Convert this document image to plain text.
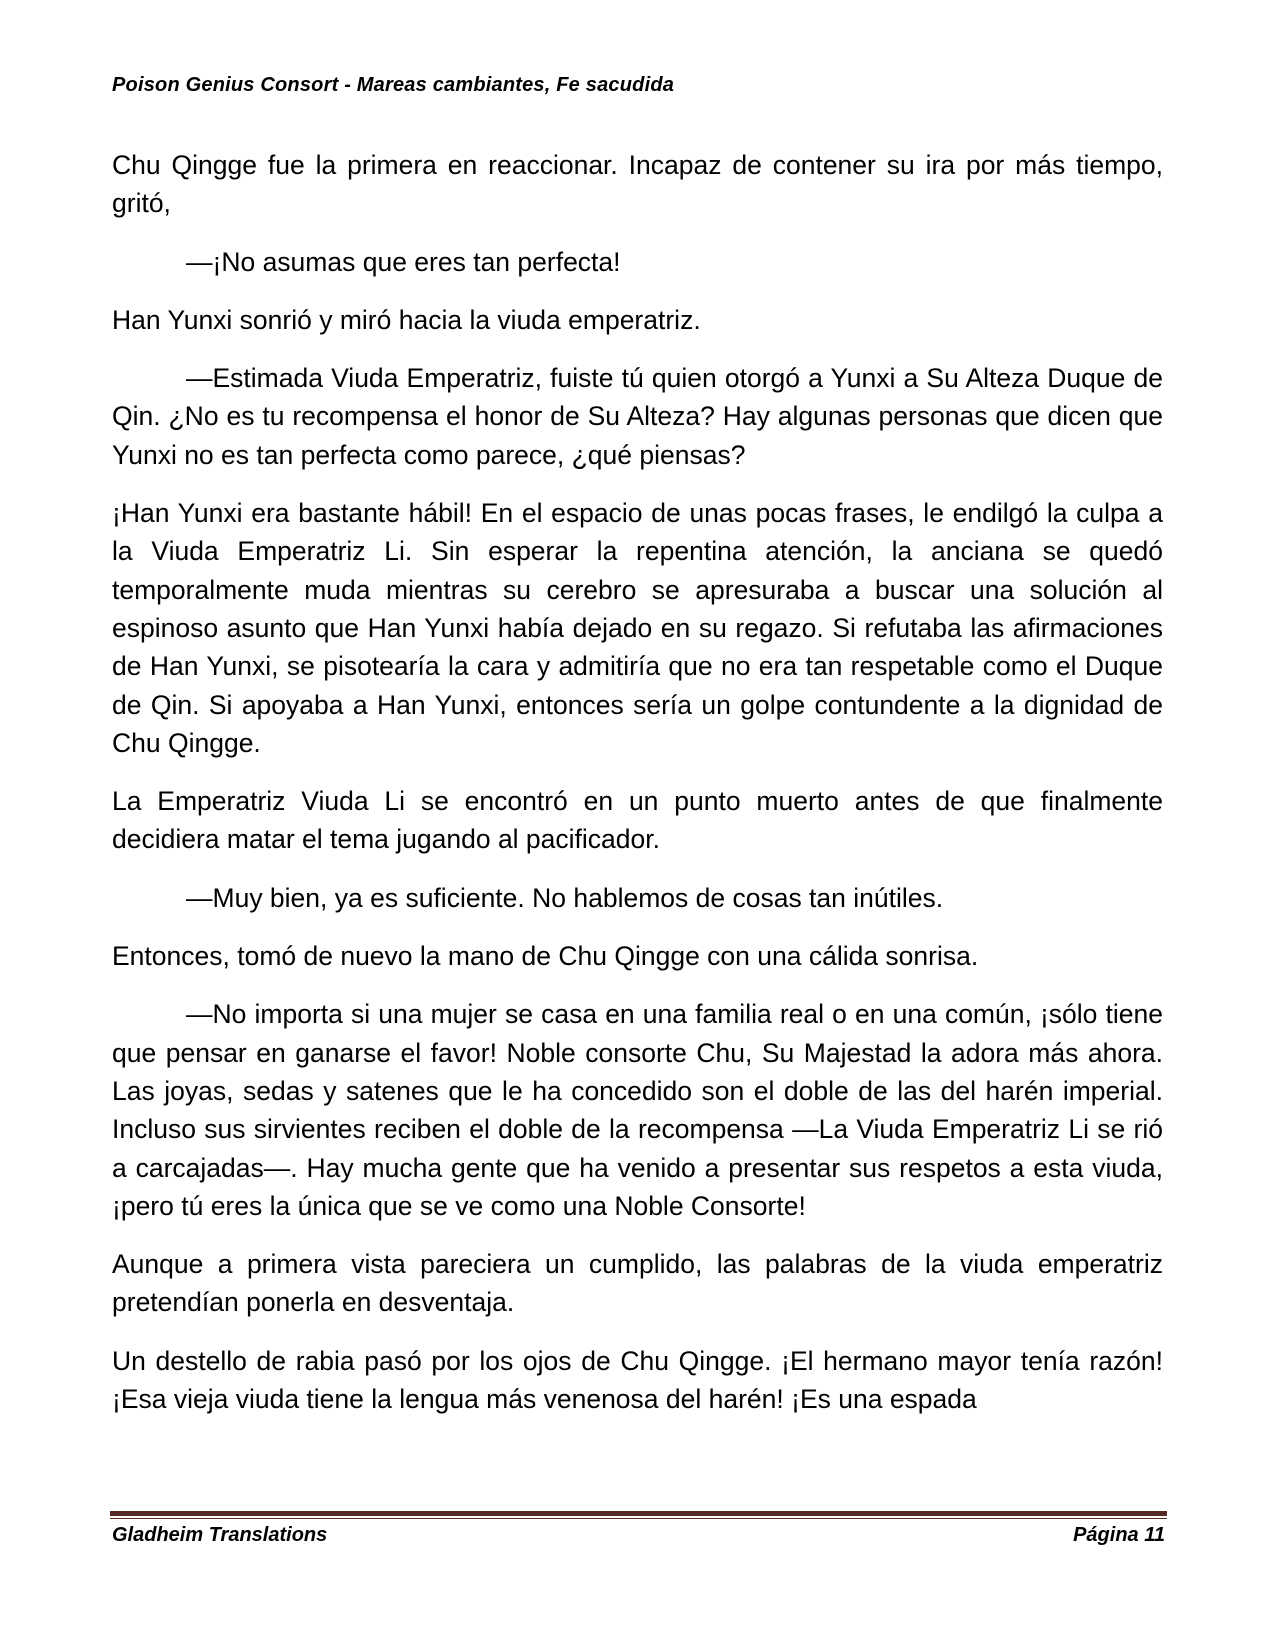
Poison Genius Consort - Mareas cambiantes, Fe sacudida

Chu Qingge fue la primera en reaccionar. Incapaz de contener su ira por más tiempo, gritó,

—¡No asumas que eres tan perfecta!

Han Yunxi sonrió y miró hacia la viuda emperatriz.

—Estimada Viuda Emperatriz, fuiste tú quien otorgó a Yunxi a Su Alteza Duque de Qin. ¿No es tu recompensa el honor de Su Alteza? Hay algunas personas que dicen que Yunxi no es tan perfecta como parece, ¿qué piensas?

¡Han Yunxi era bastante hábil! En el espacio de unas pocas frases, le endilgó la culpa a la Viuda Emperatriz Li. Sin esperar la repentina atención, la anciana se quedó temporalmente muda mientras su cerebro se apresuraba a buscar una solución al espinoso asunto que Han Yunxi había dejado en su regazo. Si refutaba las afirmaciones de Han Yunxi, se pisotearía la cara y admitiría que no era tan respetable como el Duque de Qin. Si apoyaba a Han Yunxi, entonces sería un golpe contundente a la dignidad de Chu Qingge.

La Emperatriz Viuda Li se encontró en un punto muerto antes de que finalmente decidiera matar el tema jugando al pacificador.

—Muy bien, ya es suficiente. No hablemos de cosas tan inútiles.

Entonces, tomó de nuevo la mano de Chu Qingge con una cálida sonrisa.

—No importa si una mujer se casa en una familia real o en una común, ¡sólo tiene que pensar en ganarse el favor! Noble consorte Chu, Su Majestad la adora más ahora. Las joyas, sedas y satenes que le ha concedido son el doble de las del harén imperial. Incluso sus sirvientes reciben el doble de la recompensa —La Viuda Emperatriz Li se rió a carcajadas—. Hay mucha gente que ha venido a presentar sus respetos a esta viuda, ¡pero tú eres la única que se ve como una Noble Consorte!

Aunque a primera vista pareciera un cumplido, las palabras de la viuda emperatriz pretendían ponerla en desventaja.

Un destello de rabia pasó por los ojos de Chu Qingge. ¡El hermano mayor tenía razón! ¡Esa vieja viuda tiene la lengua más venenosa del harén! ¡Es una espada

Gladheim Translations	Página 11
